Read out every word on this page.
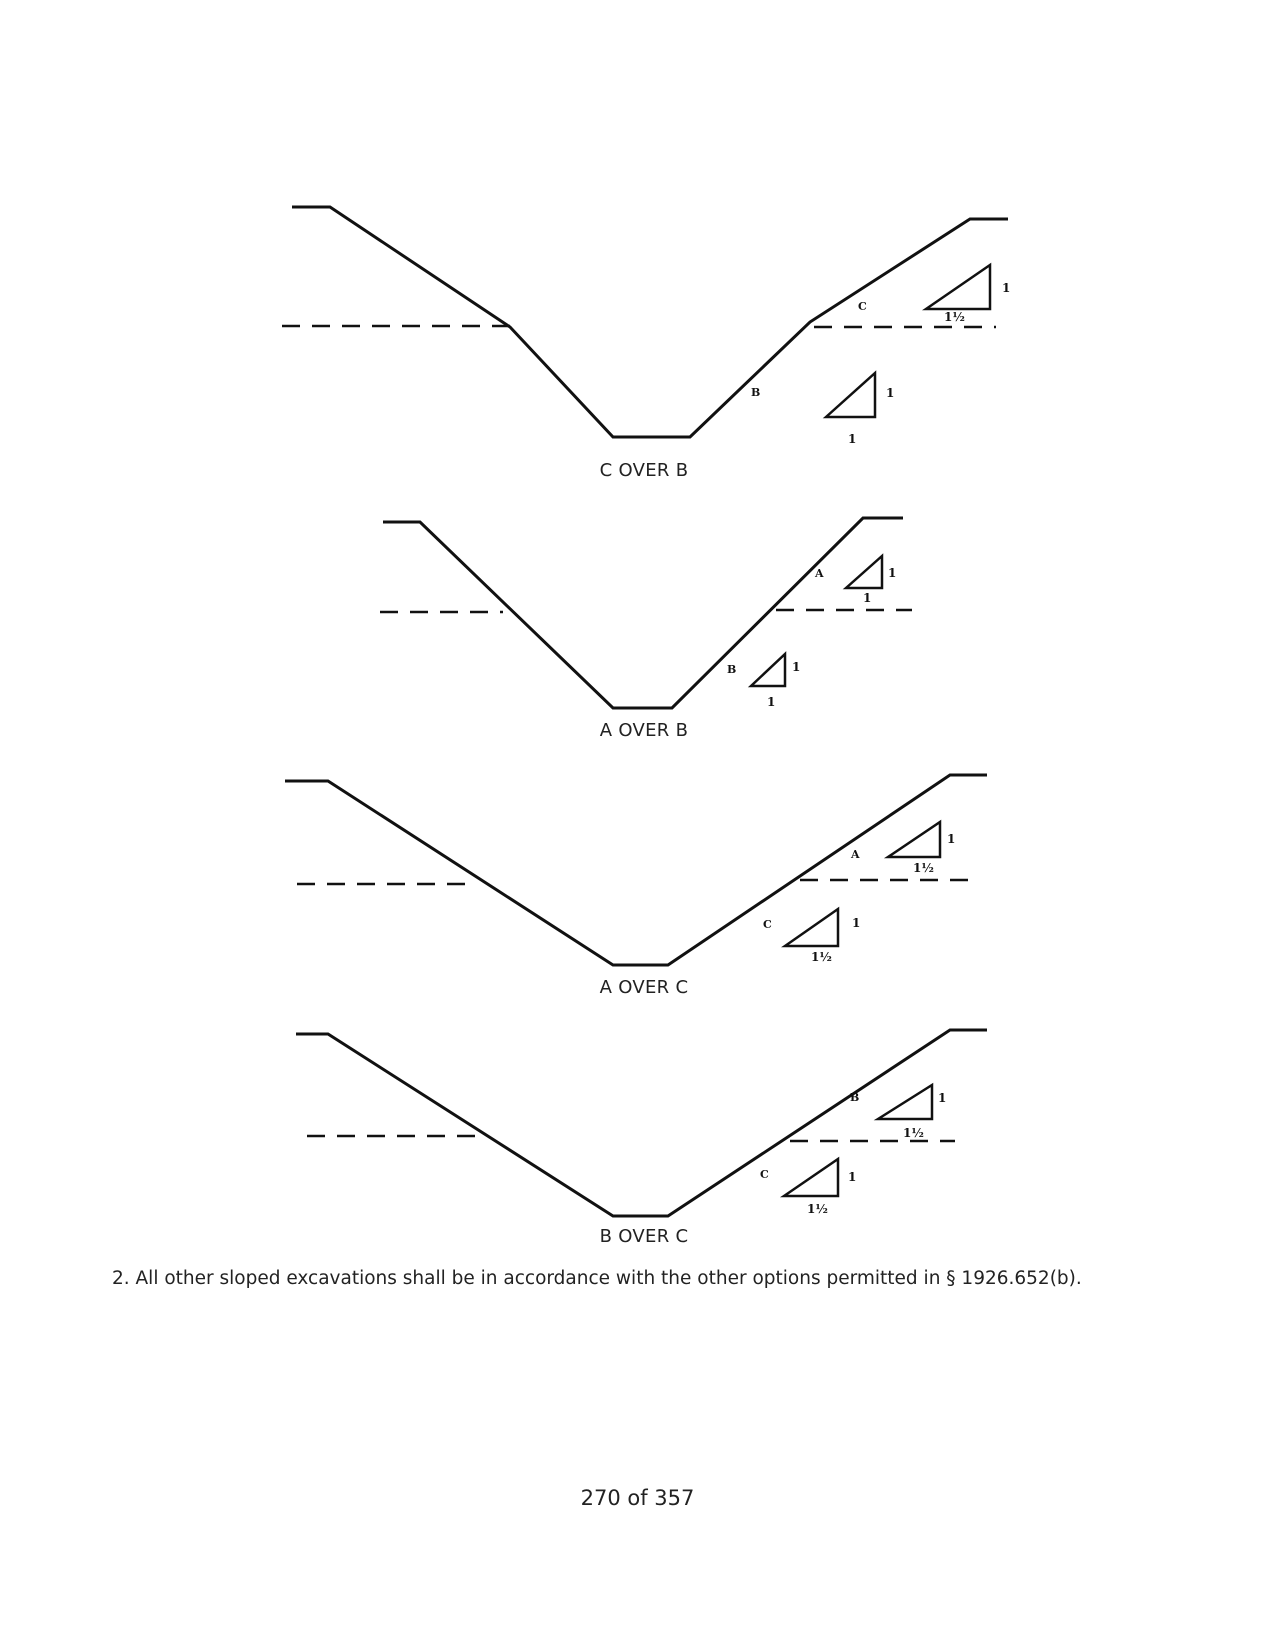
C
B
1
1½
1
1
A
B
1
1
1
1
A
C
1
1½
1
1½
B
C
1
1½
1
1½
C OVER B
A OVER B
A OVER C
B OVER C
2. All other sloped excavations shall be in accordance with the other options permitted in § 1926.652(b).
270 of 357
